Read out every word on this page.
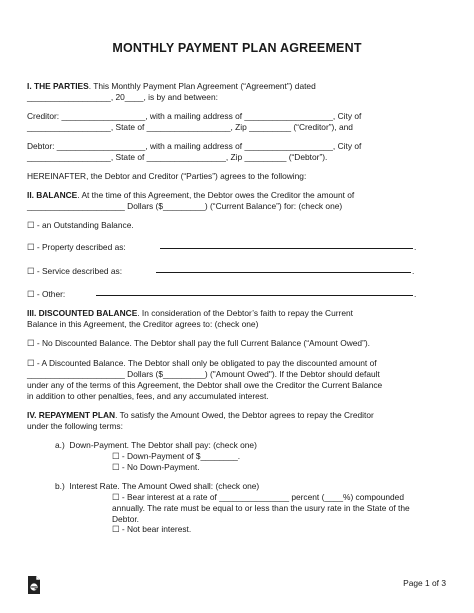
MONTHLY PAYMENT PLAN AGREEMENT
I. THE PARTIES. This Monthly Payment Plan Agreement (“Agreement”) dated
__________________, 20____, is by and between:
Creditor: __________________, with a mailing address of ___________________, City of
__________________, State of __________________, Zip _________ (“Creditor”), and
Debtor: ___________________, with a mailing address of ___________________, City of
__________________, State of _________________, Zip _________ (“Debtor”).
HEREINAFTER, the Debtor and Creditor (“Parties”) agrees to the following:
II. BALANCE. At the time of this Agreement, the Debtor owes the Creditor the amount of
_____________________ Dollars ($_________) (“Current Balance”) for: (check one)
☐ - an Outstanding Balance.
☐ - Property described as:	.
☐ - Service described as:	.
☐ - Other:	.
III. DISCOUNTED BALANCE. In consideration of the Debtor’s faith to repay the Current
Balance in this Agreement, the Creditor agrees to: (check one)
☐ - No Discounted Balance. The Debtor shall pay the full Current Balance (“Amount Owed”).
☐ - A Discounted Balance. The Debtor shall only be obligated to pay the discounted amount of
_____________________ Dollars ($_________) ("Amount Owed"). If the Debtor should default
under any of the terms of this Agreement, the Debtor shall owe the Creditor the Current Balance
in addition to other penalties, fees, and any accumulated interest.
IV. REPAYMENT PLAN. To satisfy the Amount Owed, the Debtor agrees to repay the Creditor
under the following terms:
a.)  Down-Payment. The Debtor shall pay: (check one)
☐ - Down-Payment of $________.
☐ - No Down-Payment.
b.)  Interest Rate. The Amount Owed shall: (check one)
☐ - Bear interest at a rate of _______________ percent (____%) compounded
annually. The rate must be equal to or less than the usury rate in the State of the
Debtor.
☐ - Not bear interest.
Page 1 of 3
